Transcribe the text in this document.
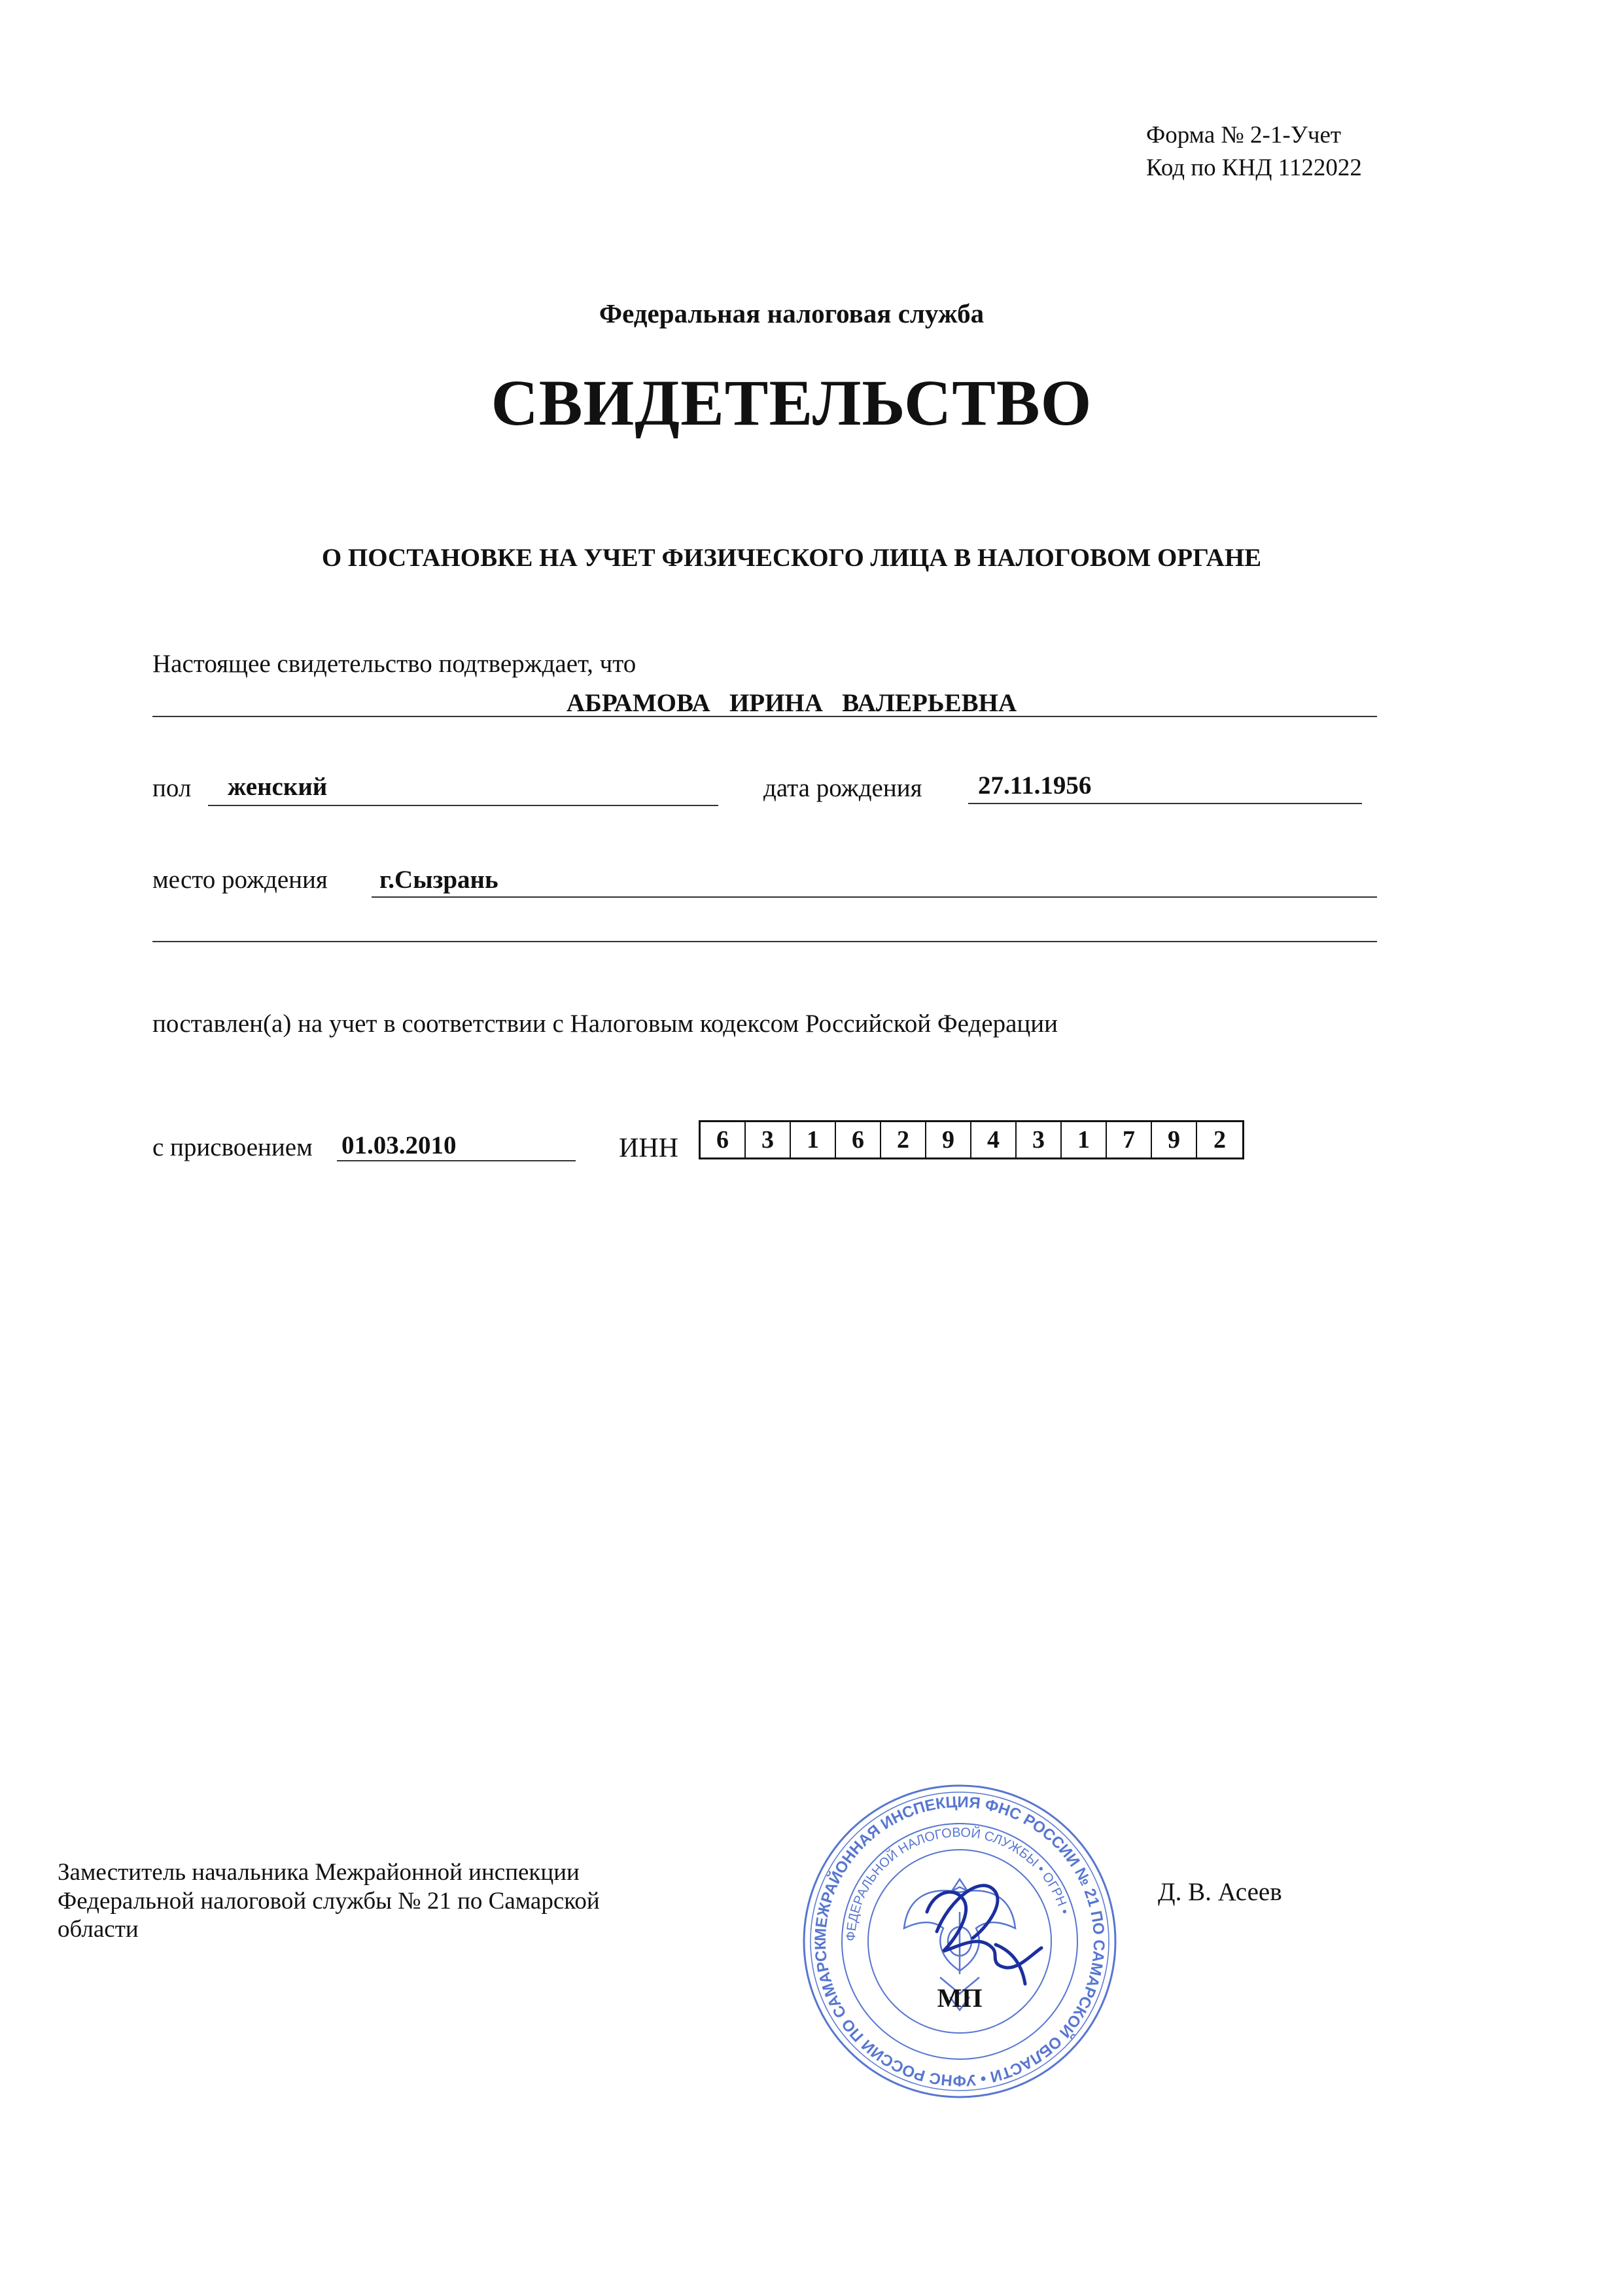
Форма № 2-1-Учет
Код по КНД 1122022
Федеральная налоговая служба
СВИДЕТЕЛЬСТВО
О ПОСТАНОВКЕ НА УЧЕТ ФИЗИЧЕСКОГО ЛИЦА В НАЛОГОВОМ ОРГАНЕ
Настоящее свидетельство подтверждает, что
АБРАМОВА   ИРИНА   ВАЛЕРЬЕВНА
пол женский	дата рождения 27.11.1956
место рождения г.Сызрань
поставлен(а) на учет в соответствии с Налоговым кодексом Российской Федерации
с присвоением 01.03.2010	ИНН	6	3	1	6	2	9	4	3	1	7	9	2
Заместитель начальника Межрайонной инспекции
Федеральной налоговой службы № 21 по Самарской
области
Д. В. Асеев
МЕЖРАЙОННАЯ ИНСПЕКЦИЯ ФНС РОССИИ № 21 ПО САМАРСКОЙ ОБЛАСТИ • УФНС РОССИИ ПО САМАРСК
ФЕДЕРАЛЬНОЙ НАЛОГОВОЙ СЛУЖБЫ • ОГРН •
МП
